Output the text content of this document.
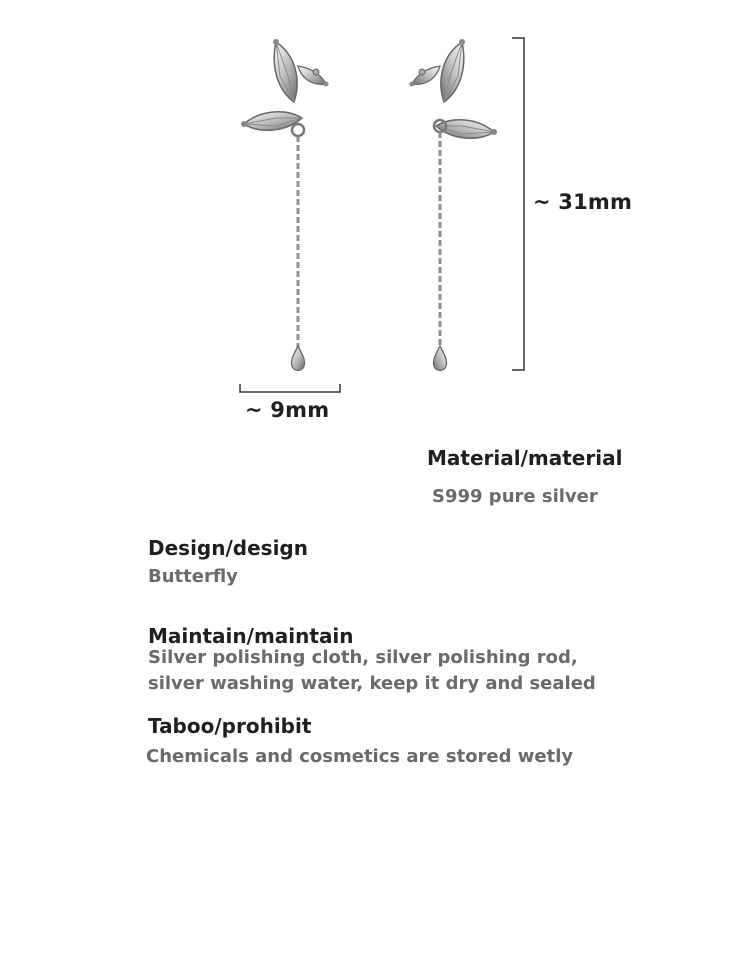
~ 31mm
~ 9mm
Material/material
S999 pure silver
Design/design
Butterfly
Maintain/maintain
Silver polishing cloth, silver polishing rod,
silver washing water, keep it dry and sealed
Taboo/prohibit
Chemicals and cosmetics are stored wetly
